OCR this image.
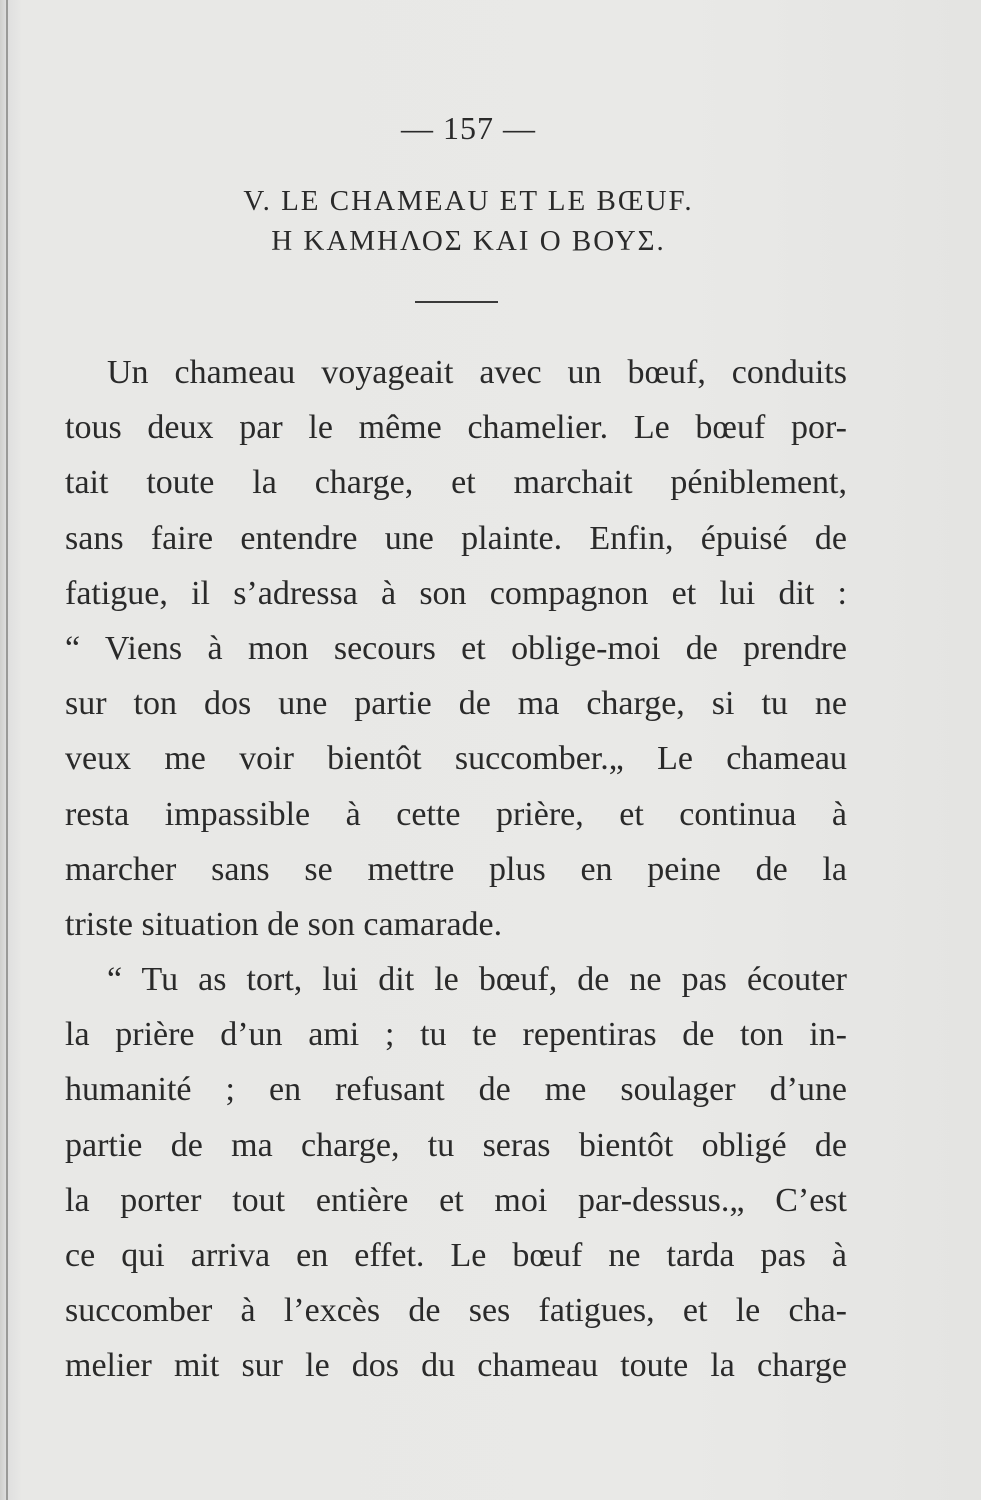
— 157 —
V. LE CHAMEAU ET LE BŒUF.
Η ΚΑΜΗΛΟΣ ΚΑΙ Ο ΒΟΥΣ.
Un chameau voyageait avec un bœuf, conduits
tous deux par le même chamelier. Le bœuf por-
tait toute la charge, et marchait péniblement,
sans faire entendre une plainte. Enfin, épuisé de
fatigue, il s’adressa à son compagnon et lui dit :
“ Viens à mon secours et oblige-moi de prendre
sur ton dos une partie de ma charge, si tu ne
veux me voir bientôt succomber.„ Le chameau
resta impassible à cette prière, et continua à
marcher sans se mettre plus en peine de la
triste situation de son camarade.
“ Tu as tort, lui dit le bœuf, de ne pas écouter
la prière d’un ami ; tu te repentiras de ton in-
humanité ; en refusant de me soulager d’une
partie de ma charge, tu seras bientôt obligé de
la porter tout entière et moi par-dessus.„ C’est
ce qui arriva en effet. Le bœuf ne tarda pas à
succomber à l’excès de ses fatigues, et le cha-
melier mit sur le dos du chameau toute la charge
